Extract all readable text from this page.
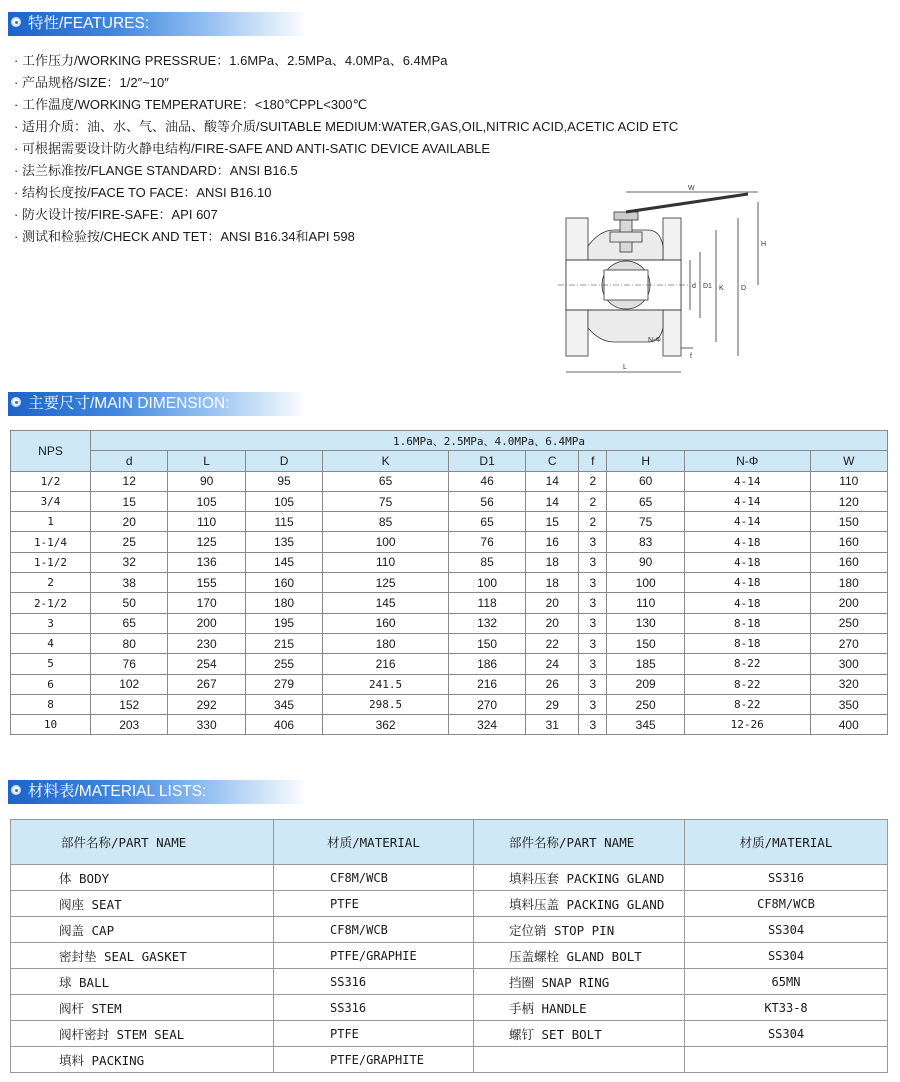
特性/FEATURES:
· 工作压力/WORKING PRESSRUE：1.6MPa、2.5MPa、4.0MPa、6.4MPa
· 产品规格/SIZE：1/2″~10″
· 工作温度/WORKING TEMPERATURE：<180℃PPL<300℃
· 适用介质：油、水、气、油品、酸等介质/SUITABLE MEDIUM:WATER,GAS,OIL,NITRIC ACID,ACETIC ACID ETC
· 可根据需要设计防火静电结构/FIRE-SAFE AND ANTI-SATIC DEVICE AVAILABLE
· 法兰标准按/FLANGE STANDARD：ANSI B16.5
· 结构长度按/FACE TO FACE：ANSI B16.10
· 防火设计按/FIRE-SAFE：API 607
· 测试和检验按/CHECK AND TET：ANSI B16.34和API 598
W
H
D
K
D1
d
L
f
N-Φ
主要尺寸/MAIN DIMENSION:
NPS	1.6MPa、2.5MPa、4.0MPa、6.4MPa									
	d	L	D	K	D1	C	f	H	N-Φ	W
1/2	12	90	95	65	46	14	2	60	4-14	110
3/4	15	105	105	75	56	14	2	65	4-14	120
1	20	110	115	85	65	15	2	75	4-14	150
1-1/4	25	125	135	100	76	16	3	83	4-18	160
1-1/2	32	136	145	110	85	18	3	90	4-18	160
2	38	155	160	125	100	18	3	100	4-18	180
2-1/2	50	170	180	145	118	20	3	110	4-18	200
3	65	200	195	160	132	20	3	130	8-18	250
4	80	230	215	180	150	22	3	150	8-18	270
5	76	254	255	216	186	24	3	185	8-22	300
6	102	267	279	241.5	216	26	3	209	8-22	320
8	152	292	345	298.5	270	29	3	250	8-22	350
10	203	330	406	362	324	31	3	345	12-26	400
材料表/MATERIAL LISTS:
部件名称/PART NAME	材质/MATERIAL	部件名称/PART NAME	材质/MATERIAL
体 BODY	CF8M/WCB	填料压套 PACKING GLAND	SS316
阀座 SEAT	PTFE	填料压盖 PACKING GLAND	CF8M/WCB
阀盖 CAP	CF8M/WCB	定位销 STOP PIN	SS304
密封垫 SEAL GASKET	PTFE/GRAPHIE	压盖螺栓 GLAND BOLT	SS304
球 BALL	SS316	挡圈 SNAP RING	65MN
阀杆 STEM	SS316	手柄 HANDLE	KT33-8
阀杆密封 STEM SEAL	PTFE	螺钉 SET BOLT	SS304
填料 PACKING	PTFE/GRAPHITE		
